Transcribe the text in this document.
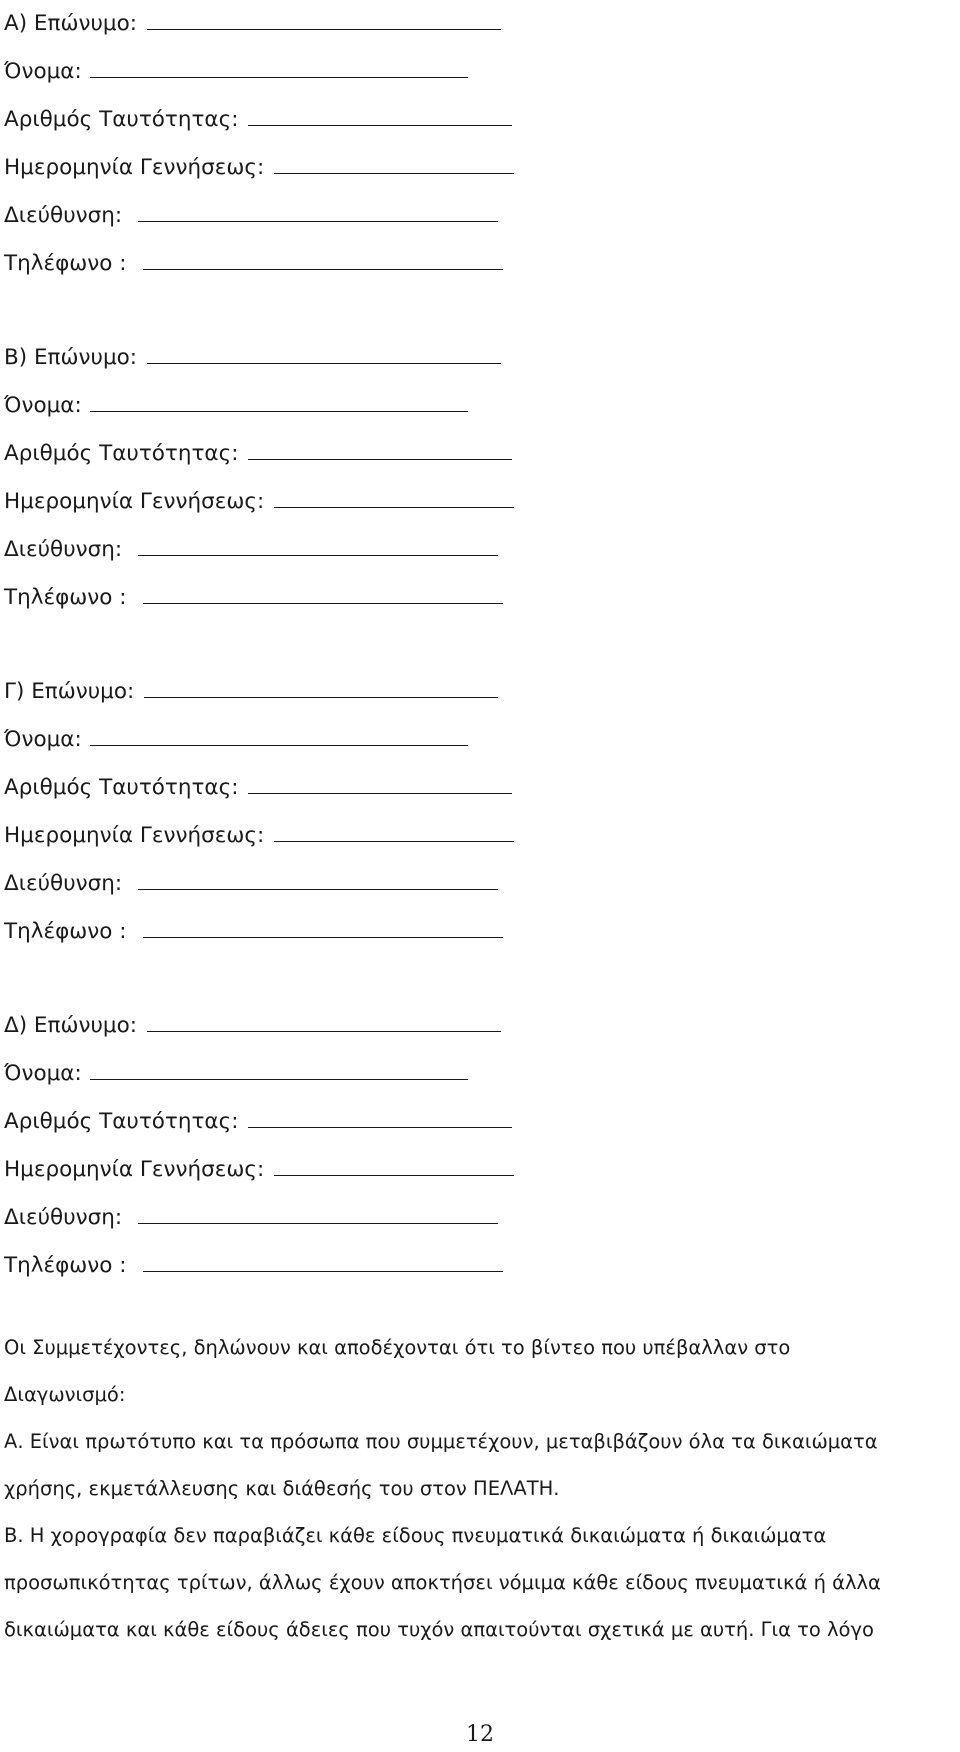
Α) Επώνυμο:
Όνομα:
Αριθμός Ταυτότητας:
Ημερομηνία Γεννήσεως:
Διεύθυνση:
Τηλέφωνο :
Β) Επώνυμο:
Όνομα:
Αριθμός Ταυτότητας:
Ημερομηνία Γεννήσεως:
Διεύθυνση:
Τηλέφωνο :
Γ) Επώνυμο:
Όνομα:
Αριθμός Ταυτότητας:
Ημερομηνία Γεννήσεως:
Διεύθυνση:
Τηλέφωνο :
Δ) Επώνυμο:
Όνομα:
Αριθμός Ταυτότητας:
Ημερομηνία Γεννήσεως:
Διεύθυνση:
Τηλέφωνο :
Οι Συμμετέχοντες, δηλώνουν και αποδέχονται ότι το βίντεο που υπέβαλλαν στο
Διαγωνισμό:
Α. Είναι πρωτότυπο και τα πρόσωπα που συμμετέχουν, μεταβιβάζουν όλα τα δικαιώματα
χρήσης, εκμετάλλευσης και διάθεσής του στον ΠΕΛΑΤΗ.
Β. Η χορογραφία δεν παραβιάζει κάθε είδους πνευματικά δικαιώματα ή δικαιώματα
προσωπικότητας τρίτων, άλλως έχουν αποκτήσει νόμιμα κάθε είδους πνευματικά ή άλλα
δικαιώματα και κάθε είδους άδειες που τυχόν απαιτούνται σχετικά με αυτή. Για το λόγο
12
